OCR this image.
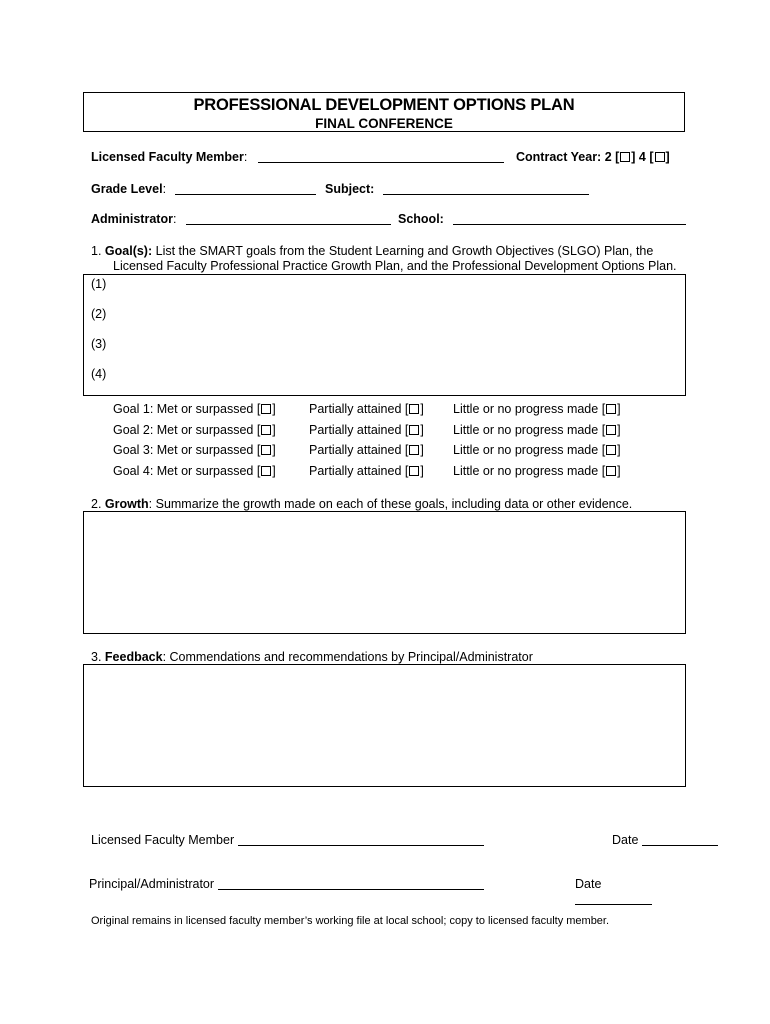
PROFESSIONAL DEVELOPMENT OPTIONS PLAN
FINAL CONFERENCE
Licensed Faculty Member:	Contract Year: 2 [ ] 4 [ ]
Grade Level:	Subject:
Administrator:	School:
1. Goal(s): List the SMART goals from the Student Learning and Growth Objectives (SLGO) Plan, the
Licensed Faculty Professional Practice Growth Plan, and the Professional Development Options Plan.
(1)
(2)
(3)
(4)
Goal 1: Met or surpassed [ ]	Partially attained [ ] Little or no progress made [ ]
Goal 2: Met or surpassed [ ]	Partially attained [ ] Little or no progress made [ ]
Goal 3: Met or surpassed [ ]	Partially attained [ ] Little or no progress made [ ]
Goal 4: Met or surpassed [ ]	Partially attained [ ] Little or no progress made [ ]
2. Growth: Summarize the growth made on each of these goals, including data or other evidence.
3. Feedback: Commendations and recommendations by Principal/Administrator
Licensed Faculty Member	Date
Principal/Administrator	Date
Original remains in licensed faculty member’s working file at local school; copy to licensed faculty member.
